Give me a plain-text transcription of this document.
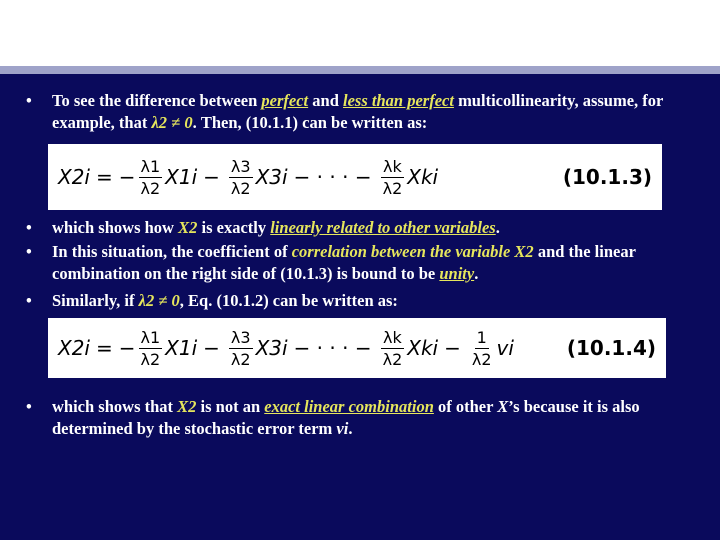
• To see the difference between perfect and less than perfect multicollinearity, assume, for example, that λ2 ≠ 0. Then, (10.1.1) can be written as:
X2i = − $\frac{\lambda 1}{\lambda 2} X1i - \frac{\lambda 3}{\lambda 2} X3i$ − · · · − $\frac{\lambda k}{\lambda 2}$ Xki	(10.1.3)
• which shows how X2 is exactly linearly related to other variables.
• In this situation, the coefficient of correlation between the variable X2 and the linear combination on the right side of (10.1.3) is bound to be unity.
• Similarly, if λ2 ≠ 0, Eq. (10.1.2) can be written as:
X2i = − $\frac{\lambda 1}{\lambda 2} X1i - \frac{\lambda 3}{\lambda 2} X3i$ − · · · − $\frac{\lambda k}{\lambda 2}$ Xki − $\frac{1}{\lambda 2}$ vi	(10.1.4)
• which shows that X2 is not an exact linear combination of other X’s because it is also determined by the stochastic error term vi.
